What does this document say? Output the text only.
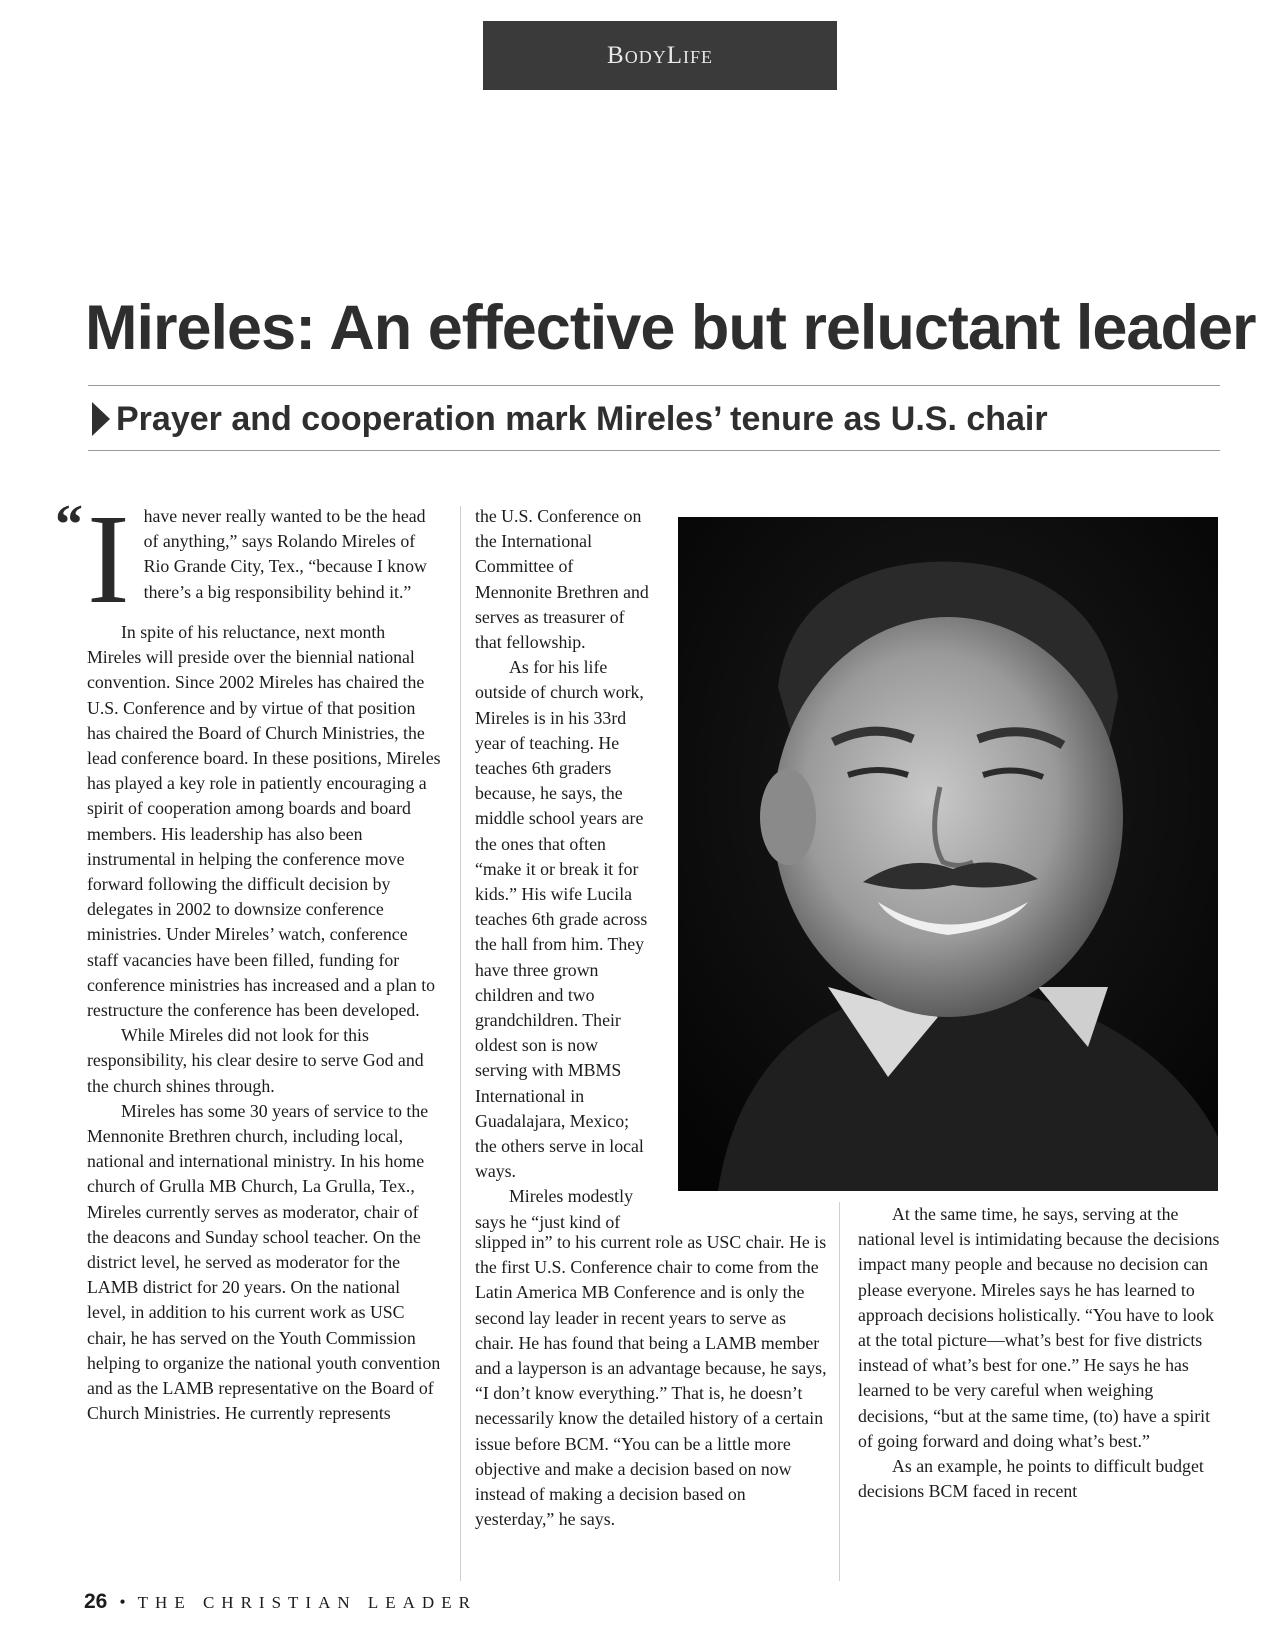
BodyLife
Mireles: An effective but reluctant leader
Prayer and cooperation mark Mireles’ tenure as U.S. chair
“ Ihave never really wanted to be the head of anything,” says Rolando Mireles of Rio Grande City, Tex., “because I know there’s a big responsibility behind it.”

In spite of his reluctance, next month Mireles will preside over the biennial national convention. Since 2002 Mireles has chaired the U.S. Conference and by virtue of that position has chaired the Board of Church Ministries, the lead conference board. In these positions, Mireles has played a key role in patiently encouraging a spirit of cooperation among boards and board members. His leadership has also been instrumental in helping the conference move forward following the difficult decision by delegates in 2002 to downsize conference ministries. Under Mireles’ watch, conference staff vacancies have been filled, funding for conference ministries has increased and a plan to restructure the conference has been developed.

While Mireles did not look for this responsibility, his clear desire to serve God and the church shines through.

Mireles has some 30 years of service to the Mennonite Brethren church, including local, national and international ministry. In his home church of Grulla MB Church, La Grulla, Tex., Mireles currently serves as moderator, chair of the deacons and Sunday school teacher. On the district level, he served as moderator for the LAMB district for 20 years. On the national level, in addition to his current work as USC chair, he has served on the Youth Commission helping to organize the national youth convention and as the LAMB representative on the Board of Church Ministries. He currently represents

the U.S. Conference on the International Committee of Mennonite Brethren and serves as treasurer of that fellowship.

As for his life outside of church work, Mireles is in his 33rd year of teaching. He teaches 6th graders because, he says, the middle school years are the ones that often “make it or break it for kids.” His wife Lucila teaches 6th grade across the hall from him. They have three grown children and two grandchildren. Their oldest son is now serving with MBMS International in Guadalajara, Mexico; the others serve in local ways.

Mireles modestly says he “just kind of

slipped in” to his current role as USC chair. He is the first U.S. Conference chair to come from the Latin America MB Conference and is only the second lay leader in recent years to serve as chair. He has found that being a LAMB member and a layperson is an advantage because, he says, “I don’t know everything.” That is, he doesn’t necessarily know the detailed history of a certain issue before BCM. “You can be a little more objective and make a decision based on now instead of making a decision based on yesterday,” he says.

At the same time, he says, serving at the national level is intimidating because the decisions impact many people and because no decision can please everyone. Mireles says he has learned to approach decisions holistically. “You have to look at the total picture—what’s best for five districts instead of what’s best for one.” He says he has learned to be very careful when weighing decisions, “but at the same time, (to) have a spirit of going forward and doing what’s best.”

As an example, he points to difficult budget decisions BCM faced in recent

26 • THE CHRISTIAN LEADER
